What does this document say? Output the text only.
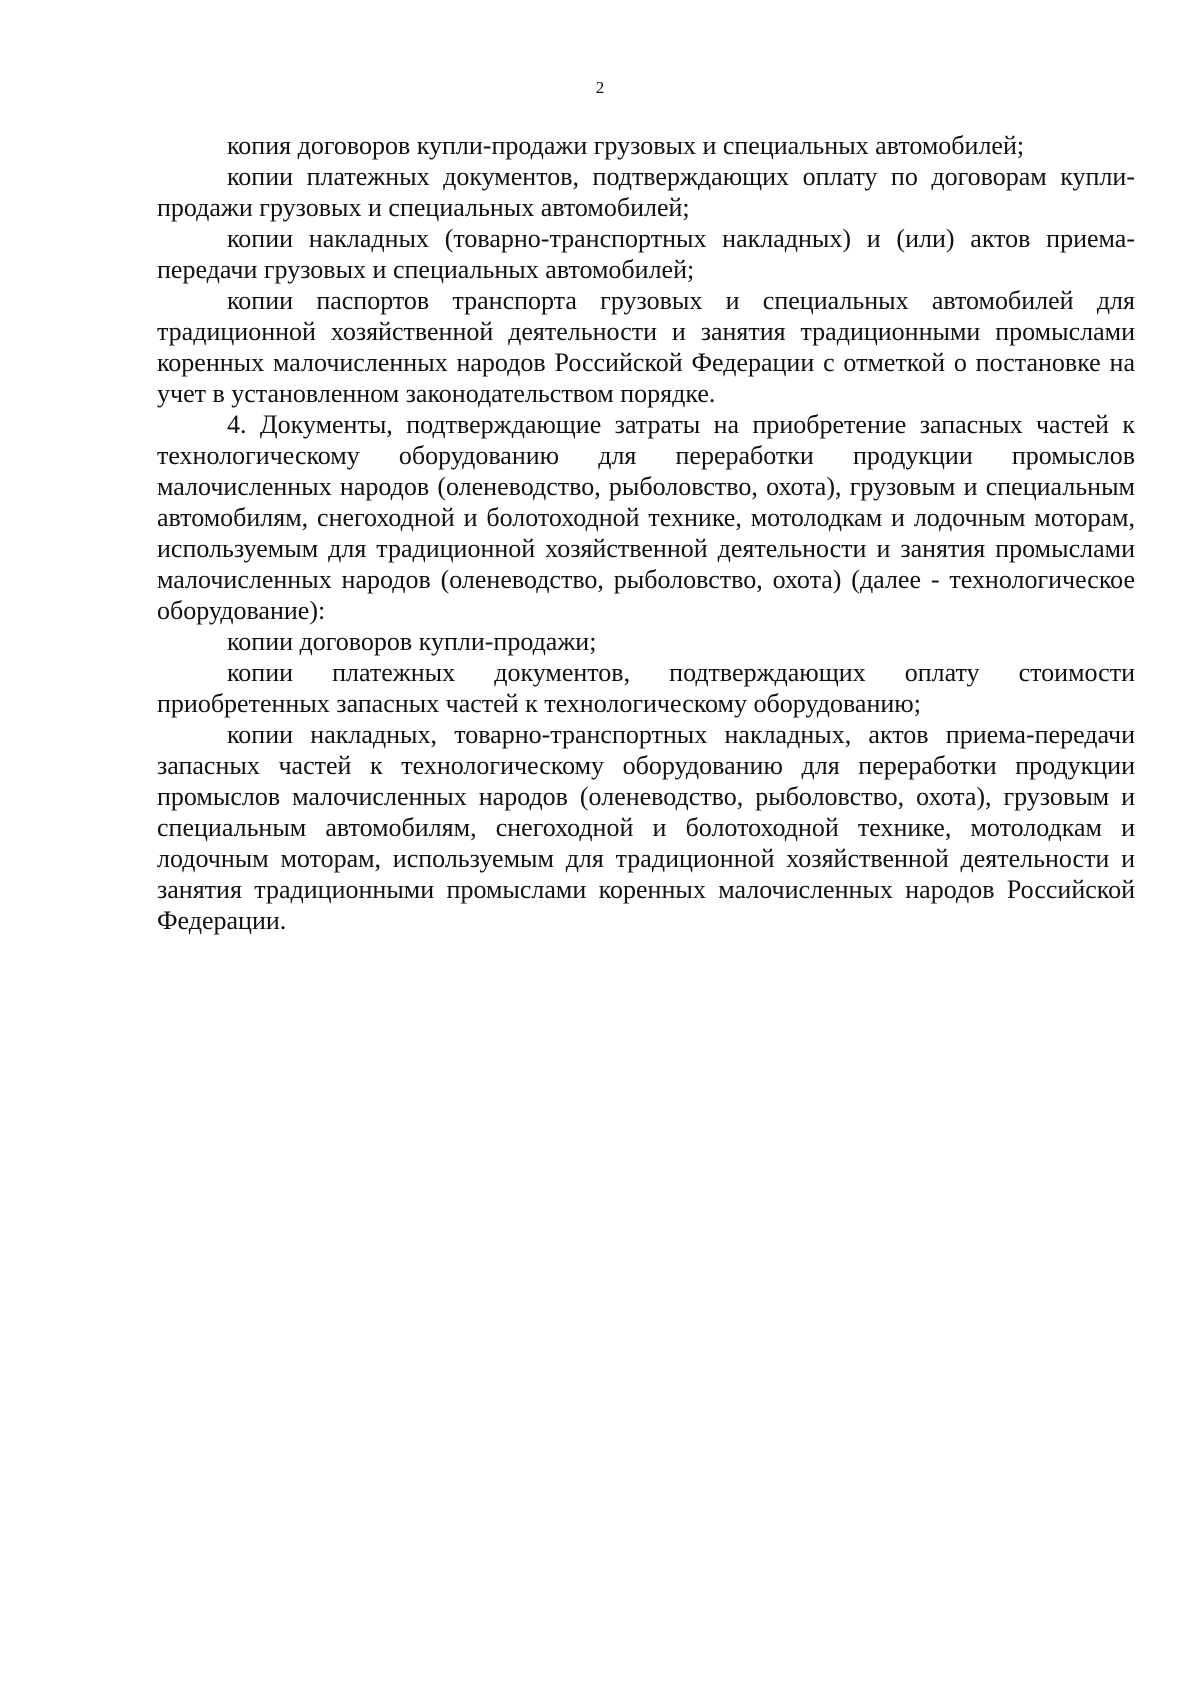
2

копия договоров купли-продажи грузовых и специальных автомобилей;

копии платежных документов, подтверждающих оплату по договорам купли-продажи грузовых и специальных автомобилей;

копии накладных (товарно-транспортных накладных) и (или) актов приема-передачи грузовых и специальных автомобилей;

копии паспортов транспорта грузовых и специальных автомобилей для традиционной хозяйственной деятельности и занятия традиционными промыслами коренных малочисленных народов Российской Федерации с отметкой о постановке на учет в установленном законодательством порядке.

4. Документы, подтверждающие затраты на приобретение запасных частей к технологическому оборудованию для переработки продукции промыслов малочисленных народов (оленеводство, рыболовство, охота), грузовым и специальным автомобилям, снегоходной и болотоходной технике, мотолодкам и лодочным моторам, используемым для традиционной хозяйственной деятельности и занятия промыслами малочисленных народов (оленеводство, рыболовство, охота) (далее - технологическое оборудование):

копии договоров купли-продажи;

копии платежных документов, подтверждающих оплату стоимости приобретенных запасных частей к технологическому оборудованию;

копии накладных, товарно-транспортных накладных, актов приема-передачи запасных частей к технологическому оборудованию для переработки продукции промыслов малочисленных народов (оленеводство, рыболовство, охота), грузовым и специальным автомобилям, снегоходной и болотоходной технике, мотолодкам и лодочным моторам, используемым для традиционной хозяйственной деятельности и занятия традиционными промыслами коренных малочисленных народов Российской Федерации.
